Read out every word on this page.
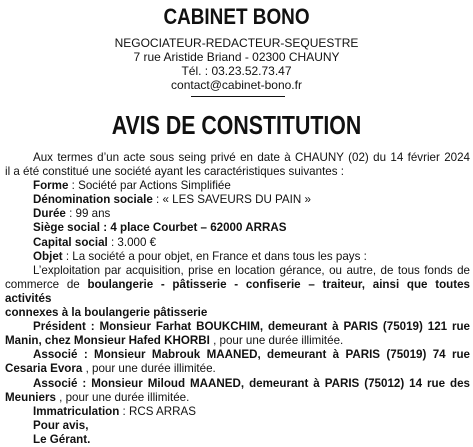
CABINET BONO
NEGOCIATEUR-REDACTEUR-SEQUESTRE
7 rue Aristide Briand - 02300 CHAUNY
Tél. : 03.23.52.73.47
contact@cabinet-bono.fr
AVIS DE CONSTITUTION

Aux termes d’un acte sous seing privé en date à CHAUNY (02) du 14 février 2024

il a été constitué une société ayant les caractéristiques suivantes :

Forme : Société par Actions Simplifiée

Dénomination sociale : « LES SAVEURS DU PAIN »

Durée : 99 ans

Siège social : 4 place Courbet – 62000 ARRAS

Capital social : 3.000 €

Objet : La société a pour objet, en France et dans tous les pays :

L’exploitation par acquisition, prise en location gérance, ou autre, de tous fonds de

commerce de boulangerie - pâtisserie - confiserie – traiteur, ainsi que toutes activités

connexes à la boulangerie pâtisserie

Président : Monsieur Farhat BOUKCHIM, demeurant à PARIS (75019) 121 rue

Manin, chez Monsieur Hafed KHORBI , pour une durée illimitée.

Associé : Monsieur Mabrouk MAANED, demeurant à PARIS (75019) 74 rue

Cesaria Evora , pour une durée illimitée.

Associé : Monsieur Miloud MAANED, demeurant à PARIS (75012) 14 rue des

Meuniers , pour une durée illimitée.

Immatriculation : RCS ARRAS

Pour avis,

Le Gérant.
